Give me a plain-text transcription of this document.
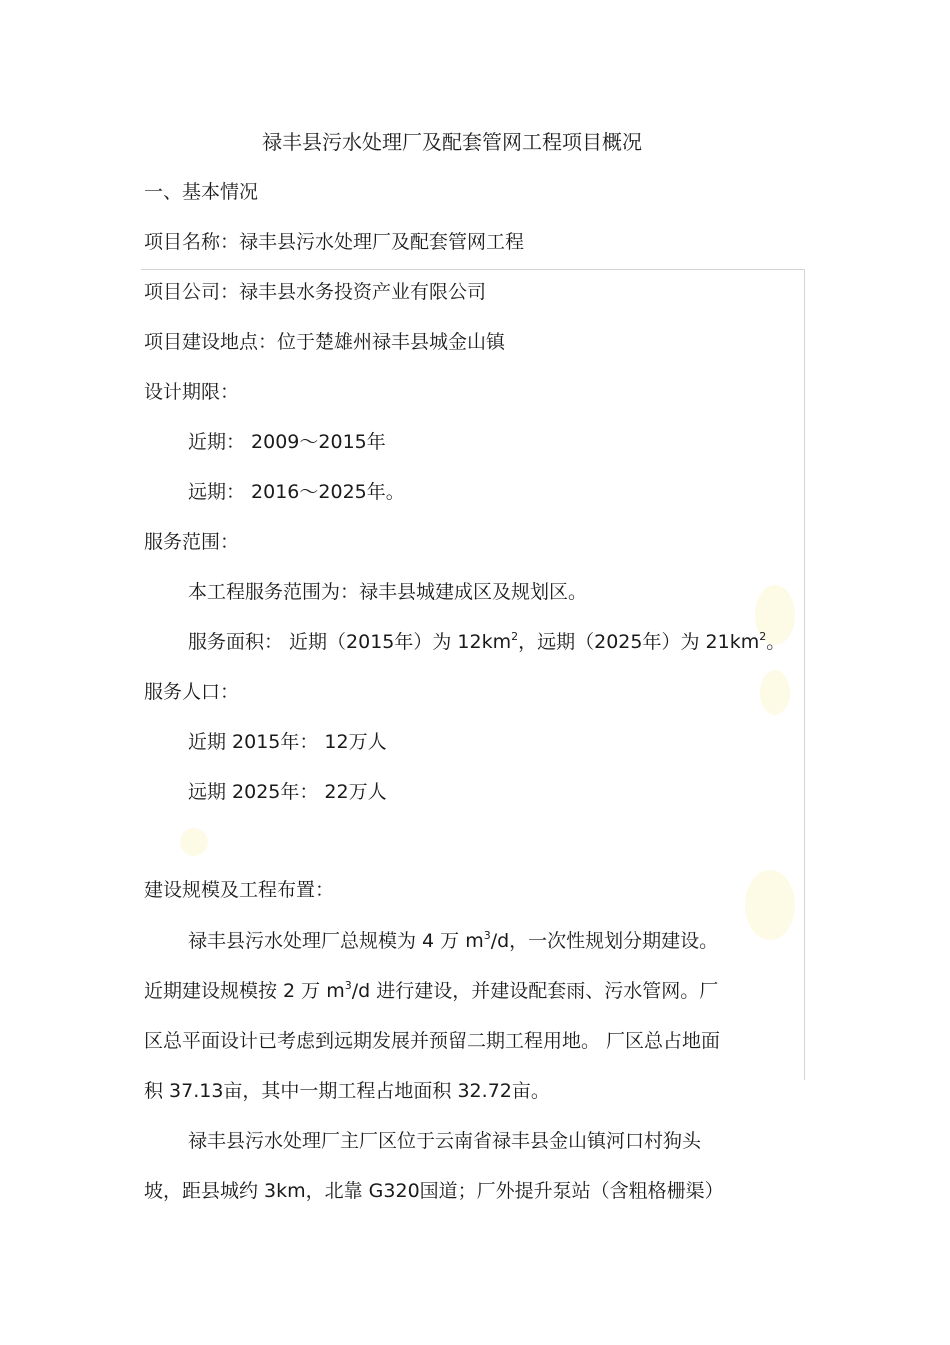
禄丰县污水处理厂及配套管网工程项目概况
一、基本情况
项目名称：禄丰县污水处理厂及配套管网工程
项目公司：禄丰县水务投资产业有限公司
项目建设地点：位于楚雄州禄丰县城金山镇
设计期限：
近期： 2009～2015年
远期： 2016～2025年。
服务范围：
本工程服务范围为：禄丰县城建成区及规划区。
服务面积： 近期（2015年）为 $12km^2$，远期（2025年）为 $21km^2$。
服务人口：
近期 2015年： 12万人
远期 2025年： 22万人
建设规模及工程布置：
禄丰县污水处理厂总规模为 4 万 $m^3/d$，一次性规划分期建设。
近期建设规模按 2 万 $m^3/d$ 进行建设，并建设配套雨、污水管网。厂
区总平面设计已考虑到远期发展并预留二期工程用地。 厂区总占地面
积 37.13亩，其中一期工程占地面积 32.72亩。
禄丰县污水处理厂主厂区位于云南省禄丰县金山镇河口村狗头
坡，距县城约 3km，北靠 G320国道；厂外提升泵站（含粗格栅渠）
